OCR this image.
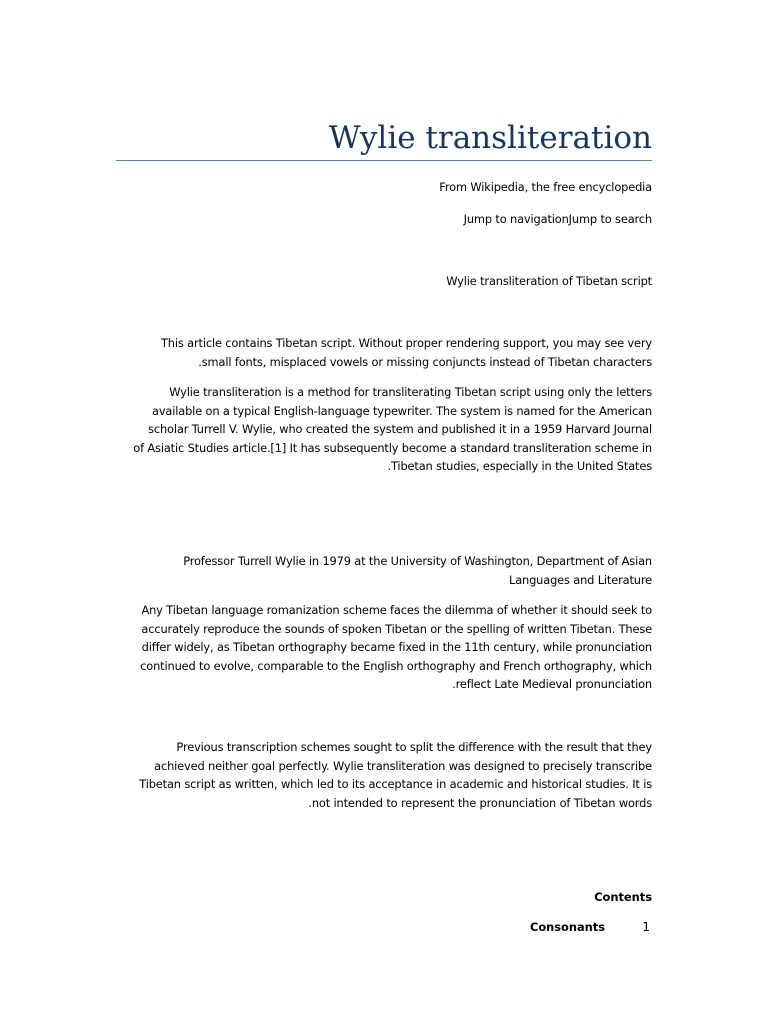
Wylie transliteration

From Wikipedia, the free encyclopedia

Jump to navigationJump to search

Wylie transliteration of Tibetan script

This article contains Tibetan script. Without proper rendering support, you may see very
.small fonts, misplaced vowels or missing conjuncts instead of Tibetan characters

Wylie transliteration is a method for transliterating Tibetan script using only the letters
available on a typical English-language typewriter. The system is named for the American
scholar Turrell V. Wylie, who created the system and published it in a 1959 Harvard Journal
of Asiatic Studies article.[1] It has subsequently become a standard transliteration scheme in
.Tibetan studies, especially in the United States

Professor Turrell Wylie in 1979 at the University of Washington, Department of Asian
Languages and Literature

Any Tibetan language romanization scheme faces the dilemma of whether it should seek to
accurately reproduce the sounds of spoken Tibetan or the spelling of written Tibetan. These
differ widely, as Tibetan orthography became fixed in the 11th century, while pronunciation
continued to evolve, comparable to the English orthography and French orthography, which
.reflect Late Medieval pronunciation

Previous transcription schemes sought to split the difference with the result that they
achieved neither goal perfectly. Wylie transliteration was designed to precisely transcribe
Tibetan script as written, which led to its acceptance in academic and historical studies. It is
.not intended to represent the pronunciation of Tibetan words

Contents
Consonants	1
